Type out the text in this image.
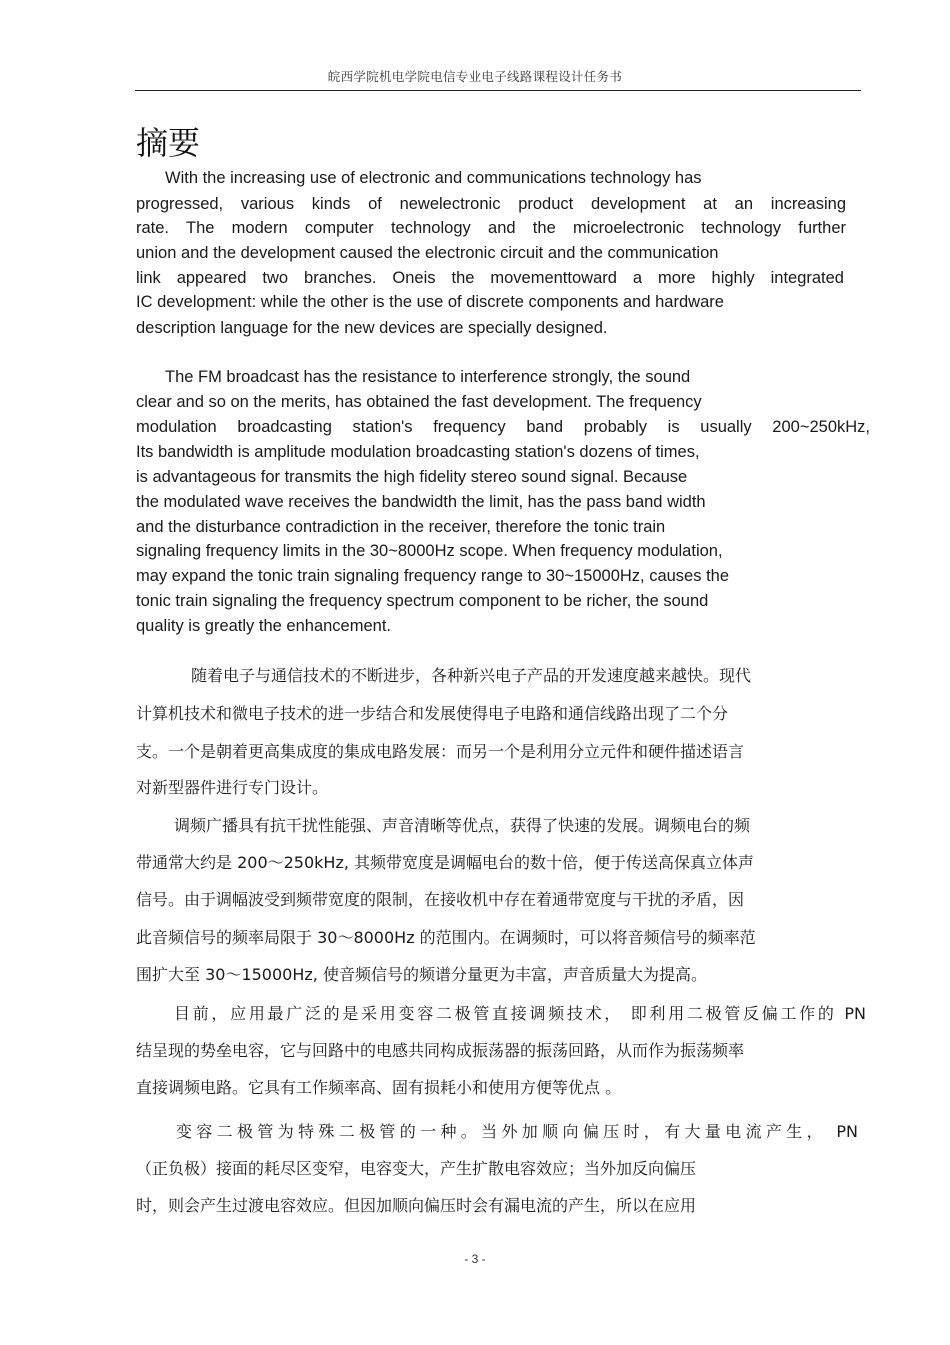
皖西学院机电学院电信专业电子线路课程设计任务书
摘要
With the increasing use of electronic and communications technology has
progressed, various kinds of newelectronic product development at an increasing
rate. The modern computer technology and the microelectronic technology further
union and the development caused the electronic circuit and the communication
link appeared two branches. Oneis the movementtoward a more highly integrated
IC development: while the other is the use of discrete components and hardware
description language for the new devices are specially designed.
The FM broadcast has the resistance to interference strongly, the sound
clear and so on the merits, has obtained the fast development. The frequency
modulation broadcasting station's frequency band probably is usually 200~250kHz,
Its bandwidth is amplitude modulation broadcasting station's dozens of times,
is advantageous for transmits the high fidelity stereo sound signal. Because
the modulated wave receives the bandwidth the limit, has the pass band width
and the disturbance contradiction in the receiver, therefore the tonic train
signaling frequency limits in the 30~8000Hz scope. When frequency modulation,
may expand the tonic train signaling frequency range to 30~15000Hz, causes the
tonic train signaling the frequency spectrum component to be richer, the sound
quality is greatly the enhancement.
随着电子与通信技术的不断进步，各种新兴电子产品的开发速度越来越快。现代
计算机技术和微电子技术的进一步结合和发展使得电子电路和通信线路出现了二个分
支。一个是朝着更高集成度的集成电路发展：而另一个是利用分立元件和硬件描述语言
对新型器件进行专门设计。
调频广播具有抗干扰性能强、声音清晰等优点，获得了快速的发展。调频电台的频
带通常大约是 200～250kHz, 其频带宽度是调幅电台的数十倍，便于传送高保真立体声
信号。由于调幅波受到频带宽度的限制，在接收机中存在着通带宽度与干扰的矛盾，因
此音频信号的频率局限于 30～8000Hz 的范围内。在调频时，可以将音频信号的频率范
围扩大至 30～15000Hz, 使音频信号的频谱分量更为丰富，声音质量大为提高。
目前，应用最广泛的是采用变容二极管直接调频技术， 即利用二极管反偏工作的 PN
结呈现的势垒电容，它与回路中的电感共同构成振荡器的振荡回路，从而作为振荡频率
直接调频电路。它具有工作频率高、固有损耗小和使用方便等优点 。
变容二极管为特殊二极管的一种。当外加顺向偏压时，有大量电流产生， PN
（正负极）接面的耗尽区变窄，电容变大，产生扩散电容效应；当外加反向偏压
时，则会产生过渡电容效应。但因加顺向偏压时会有漏电流的产生，所以在应用
- 3 -
